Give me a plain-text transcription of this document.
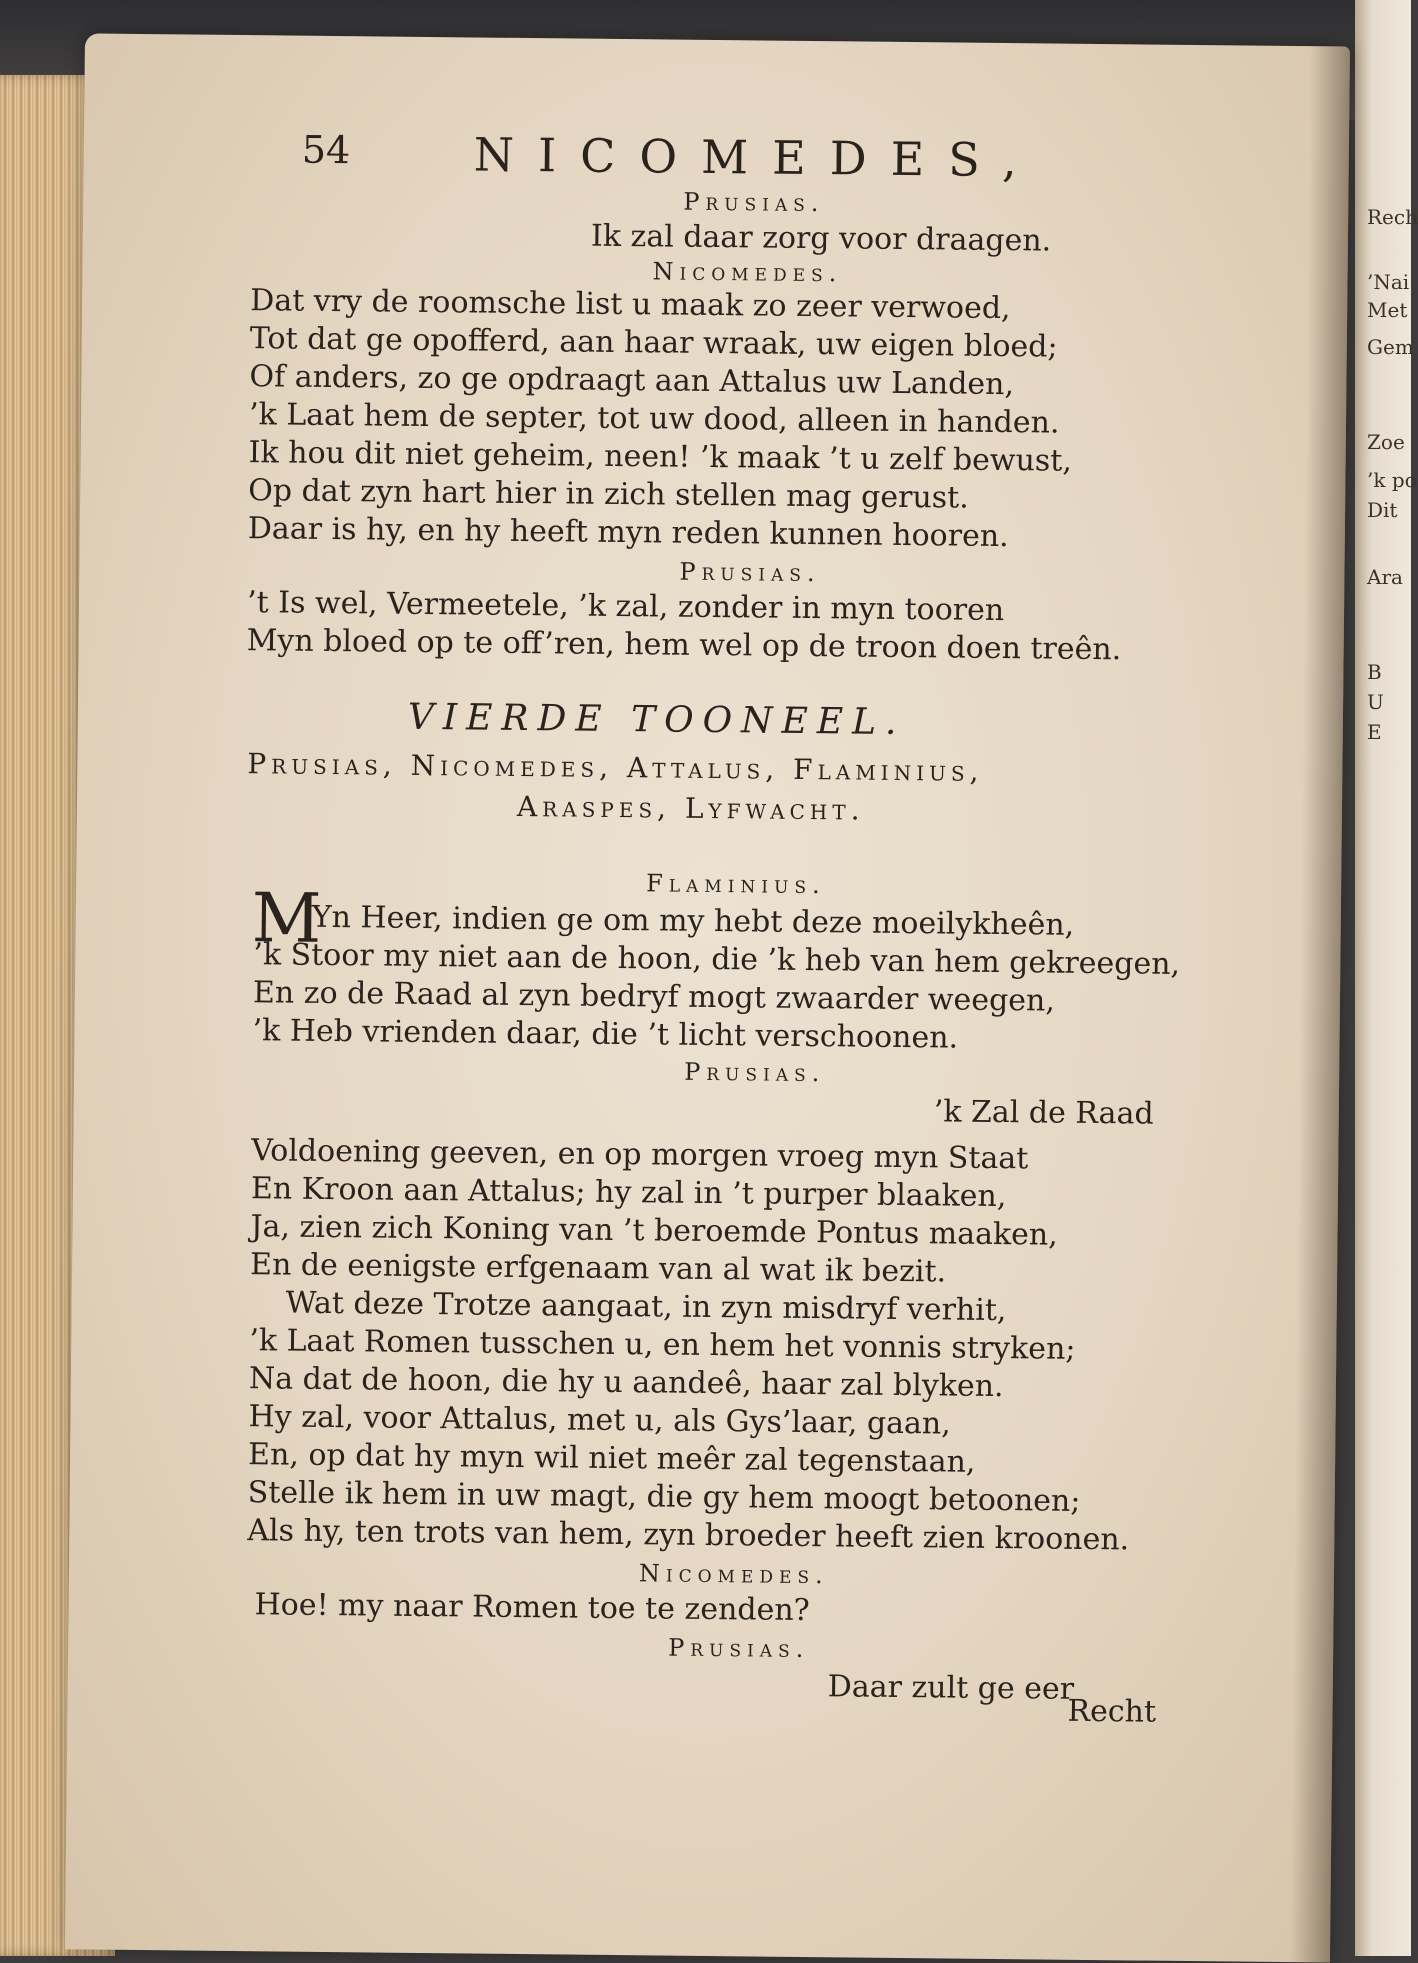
Rech
’Nai
Met
Gem
Zoe
’k po
Dit
Ara
B
U
E
54	NICOMEDES,
Prusias.
Ik zal daar zorg voor draagen.
Nicomedes.
Dat vry de roomsche list u maak zo zeer verwoed,
Tot dat ge opofferd, aan haar wraak, uw eigen bloed;
Of anders, zo ge opdraagt aan Attalus uw Landen,
’k Laat hem de septer, tot uw dood, alleen in handen.
Ik hou dit niet geheim, neen! ’k maak ’t u zelf bewust,
Op dat zyn hart hier in zich stellen mag gerust.
Daar is hy, en hy heeft myn reden kunnen hooren.
Prusias.
’t Is wel, Vermeetele, ’k zal, zonder in myn tooren
Myn bloed op te off’ren, hem wel op de troon doen treên.
VIERDE TOONEEL.
Prusias, Nicomedes, Attalus, Flaminius,
Araspes, Lyfwacht.
Flaminius.
M
Yn Heer, indien ge om my hebt deze moeilykheên,
’k Stoor my niet aan de hoon, die ’k heb van hem gekreegen,
En zo de Raad al zyn bedryf mogt zwaarder weegen,
’k Heb vrienden daar, die ’t licht verschoonen.
Prusias.
’k Zal de Raad
Voldoening geeven, en op morgen vroeg myn Staat
En Kroon aan Attalus; hy zal in ’t purper blaaken,
Ja, zien zich Koning van ’t beroemde Pontus maaken,
En de eenigste erfgenaam van al wat ik bezit.
Wat deze Trotze aangaat, in zyn misdryf verhit,
’k Laat Romen tusschen u, en hem het vonnis stryken;
Na dat de hoon, die hy u aandeê, haar zal blyken.
Hy zal, voor Attalus, met u, als Gys’laar, gaan,
En, op dat hy myn wil niet meêr zal tegenstaan,
Stelle ik hem in uw magt, die gy hem moogt betoonen;
Als hy, ten trots van hem, zyn broeder heeft zien kroonen.
Nicomedes.
Hoe! my naar Romen toe te zenden?
Prusias.
Daar zult ge eer
Recht
